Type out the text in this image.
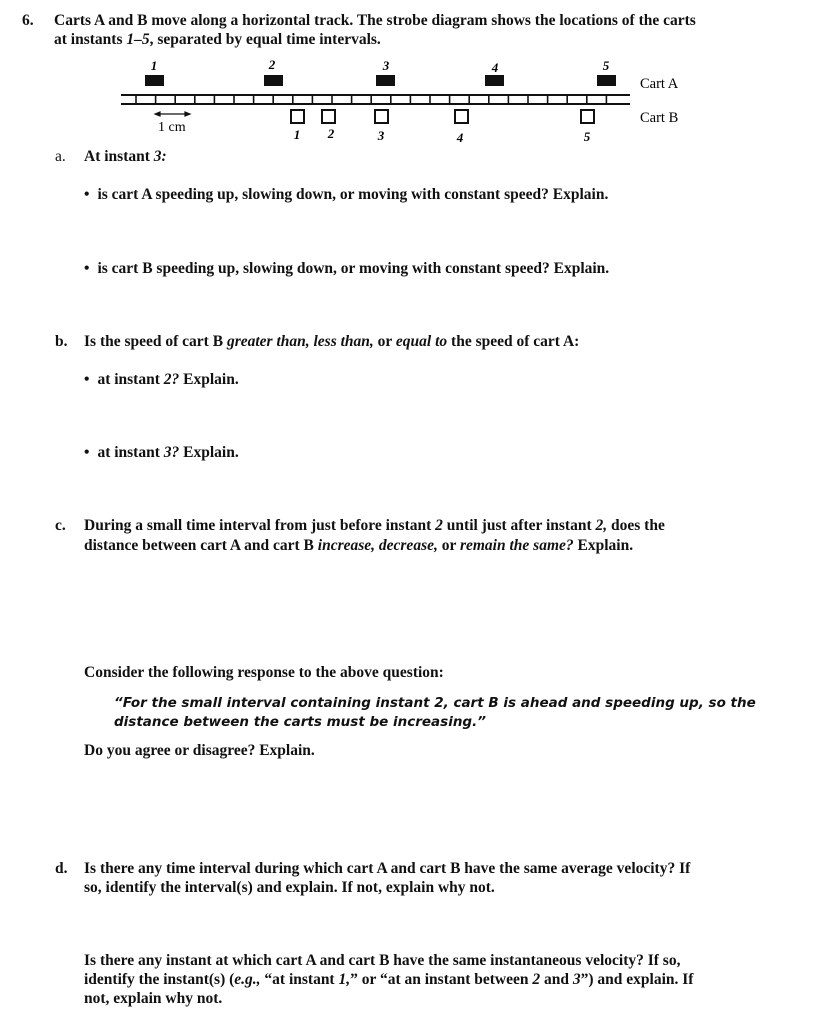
6. Carts A and B move along a horizontal track. The strobe diagram shows the locations of the carts
at instants 1–5, separated by equal time intervals.
1	2	3	4	5
1 2	3	4	5
1 cm
Cart A
Cart B
a. At instant 3:
• is cart A speeding up, slowing down, or moving with constant speed? Explain.
• is cart B speeding up, slowing down, or moving with constant speed? Explain.
b. Is the speed of cart B greater than, less than, or equal to the speed of cart A:
• at instant 2? Explain.
• at instant 3? Explain.
c. During a small time interval from just before instant 2 until just after instant 2, does the
distance between cart A and cart B increase, decrease, or remain the same? Explain.
Consider the following response to the above question:
“For the small interval containing instant 2, cart B is ahead and speeding up, so the
distance between the carts must be increasing.”
Do you agree or disagree? Explain.
d. Is there any time interval during which cart A and cart B have the same average velocity? If
so, identify the interval(s) and explain. If not, explain why not.
Is there any instant at which cart A and cart B have the same instantaneous velocity? If so,
identify the instant(s) (e.g., “at instant 1,” or “at an instant between 2 and 3”) and explain. If
not, explain why not.
